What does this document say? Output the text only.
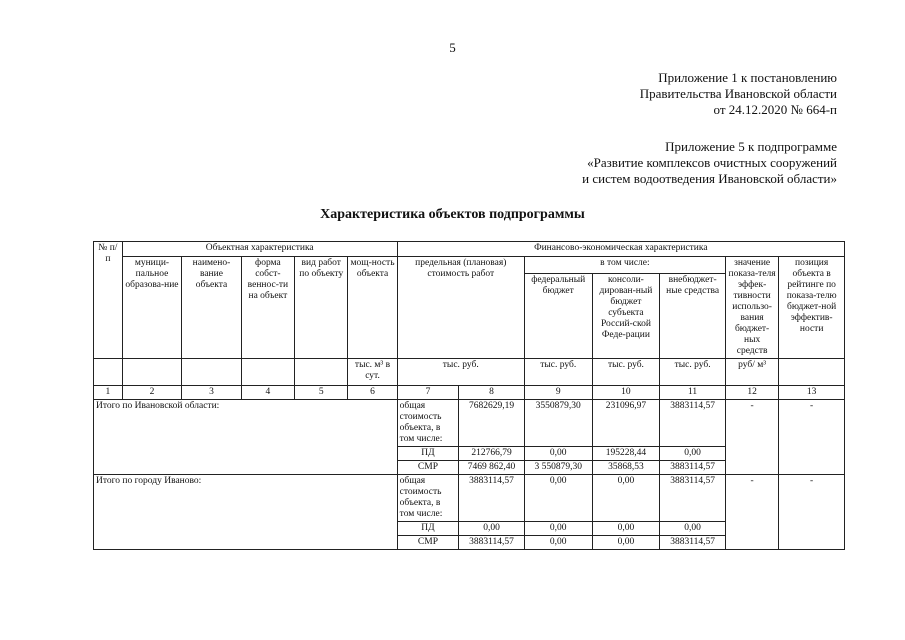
5
Приложение 1 к постановлению
Правительства Ивановской области
от 24.12.2020 № 664-п
Приложение 5 к подпрограмме
«Развитие комплексов очистных сооружений
и систем водоотведения Ивановской области»
Характеристика объектов подпрограммы
№ п/п	Объектная характеристика					Финансово-экономическая характеристика						
	муници-пальное образова-ние	наимено-вание объекта	форма собст-веннос-ти на объект	вид работ по объекту	мощ-ность объекта	предельная (плановая) стоимость работ		в том числе:			значение показа-теля эффек-тивности использо-вания бюджет-ных средств	позиция объекта в рейтинге по показа-телю бюджет-ной эффектив-ности
								федеральный бюджет	консоли-дирован-ный бюджет субъекта Россий-ской Феде-рации	внебюджет-ные средства		
					тыс. м³ в сут.	тыс. руб.		тыс. руб.	тыс. руб.	тыс. руб.	руб/ м³	
1	2	3	4	5	6	7	8	9	10	11	12	13
Итого по Ивановской области:						общая стоимость объекта, в том числе:	7682629,19	3550879,30	231096,97	3883114,57	-	-
						ПД	212766,79	0,00	195228,44	0,00		
						СМР	7469 862,40	3 550879,30	35868,53	3883114,57		
Итого по городу Иваново:						общая стоимость объекта, в том числе:	3883114,57	0,00	0,00	3883114,57	-	-
						ПД	0,00	0,00	0,00	0,00		
						СМР	3883114,57	0,00	0,00	3883114,57		
